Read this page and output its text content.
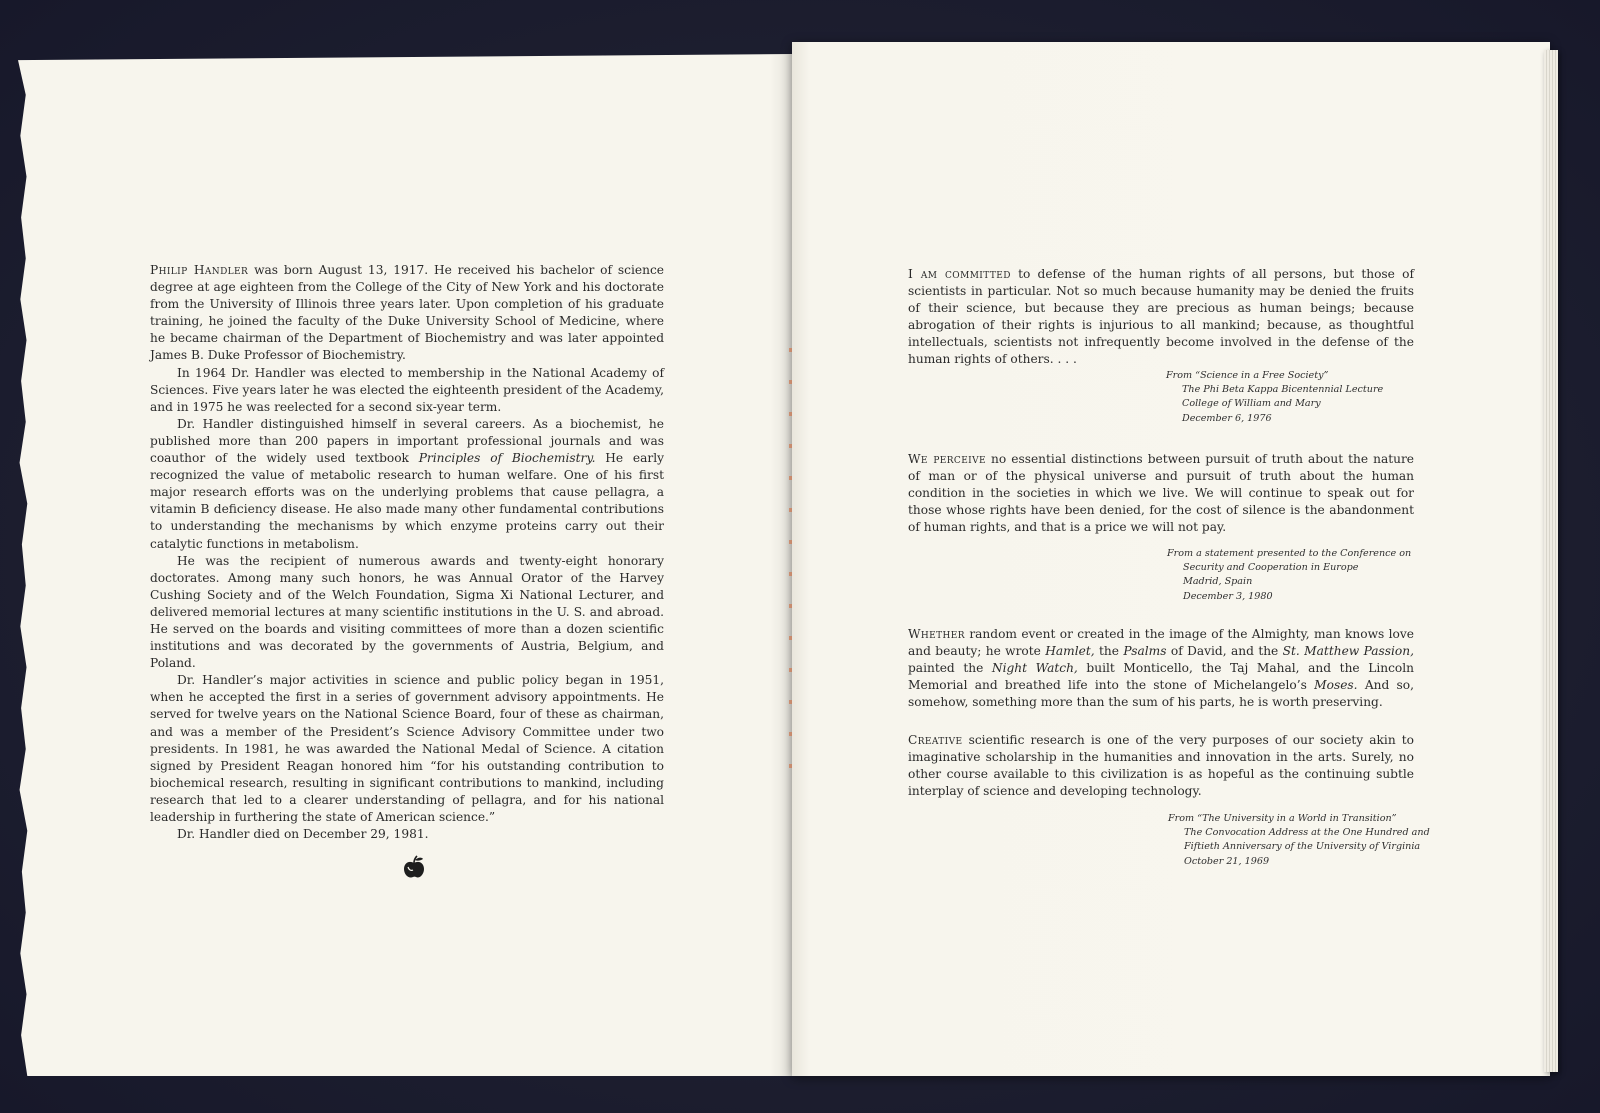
Philip Handler was born August 13, 1917. He received his bachelor of science degree at age eighteen from the College of the City of New York and his doctorate from the University of Illinois three years later. Upon completion of his graduate training, he joined the faculty of the Duke University School of Medicine, where he became chairman of the Department of Biochemistry and was later appointed James B. Duke Professor of Biochemistry.

In 1964 Dr. Handler was elected to membership in the National Academy of Sciences. Five years later he was elected the eighteenth president of the Academy, and in 1975 he was reelected for a second six-year term.

Dr. Handler distinguished himself in several careers. As a biochemist, he published more than 200 papers in important professional journals and was coauthor of the widely used textbook Principles of Biochemistry. He early recognized the value of metabolic research to human welfare. One of his first major research efforts was on the underlying problems that cause pellagra, a vitamin B deficiency disease. He also made many other fundamental contributions to understanding the mechanisms by which enzyme proteins carry out their catalytic functions in metabolism.

He was the recipient of numerous awards and twenty-eight honorary doctorates. Among many such honors, he was Annual Orator of the Harvey Cushing Society and of the Welch Foundation, Sigma Xi National Lecturer, and delivered memorial lectures at many scientific institutions in the U. S. and abroad. He served on the boards and visiting committees of more than a dozen scientific institutions and was decorated by the governments of Austria, Belgium, and Poland.

Dr. Handler’s major activities in science and public policy began in 1951, when he accepted the first in a series of government advisory appointments. He served for twelve years on the National Science Board, four of these as chairman, and was a member of the President’s Science Advisory Committee under two presidents. In 1981, he was awarded the National Medal of Science. A citation signed by President Reagan honored him “for his outstanding contribution to biochemical research, resulting in significant contributions to mankind, including research that led to a clearer understanding of pellagra, and for his national leadership in furthering the state of American science.”

Dr. Handler died on December 29, 1981.

I am committed to defense of the human rights of all persons, but those of scientists in particular. Not so much because humanity may be denied the fruits of their science, but because they are precious as human beings; because abrogation of their rights is injurious to all mankind; because, as thoughtful intellectuals, scientists not infrequently become involved in the defense of the human rights of others. . . .

From “Science in a Free Society”
The Phi Beta Kappa Bicentennial Lecture
College of William and Mary
December 6, 1976

We perceive no essential distinctions between pursuit of truth about the nature of man or of the physical universe and pursuit of truth about the human condition in the societies in which we live. We will continue to speak out for those whose rights have been denied, for the cost of silence is the abandonment of human rights, and that is a price we will not pay.

From a statement presented to the Conference on
Security and Cooperation in Europe
Madrid, Spain
December 3, 1980

Whether random event or created in the image of the Almighty, man knows love and beauty; he wrote Hamlet, the Psalms of David, and the St. Matthew Passion, painted the Night Watch, built Monticello, the Taj Mahal, and the Lincoln Memorial and breathed life into the stone of Michelangelo’s Moses. And so, somehow, something more than the sum of his parts, he is worth preserving.

Creative scientific research is one of the very purposes of our society akin to imaginative scholarship in the humanities and innovation in the arts. Surely, no other course available to this civilization is as hopeful as the continuing subtle interplay of science and developing technology.

From “The University in a World in Transition”
The Convocation Address at the One Hundred and
Fiftieth Anniversary of the University of Virginia
October 21, 1969
